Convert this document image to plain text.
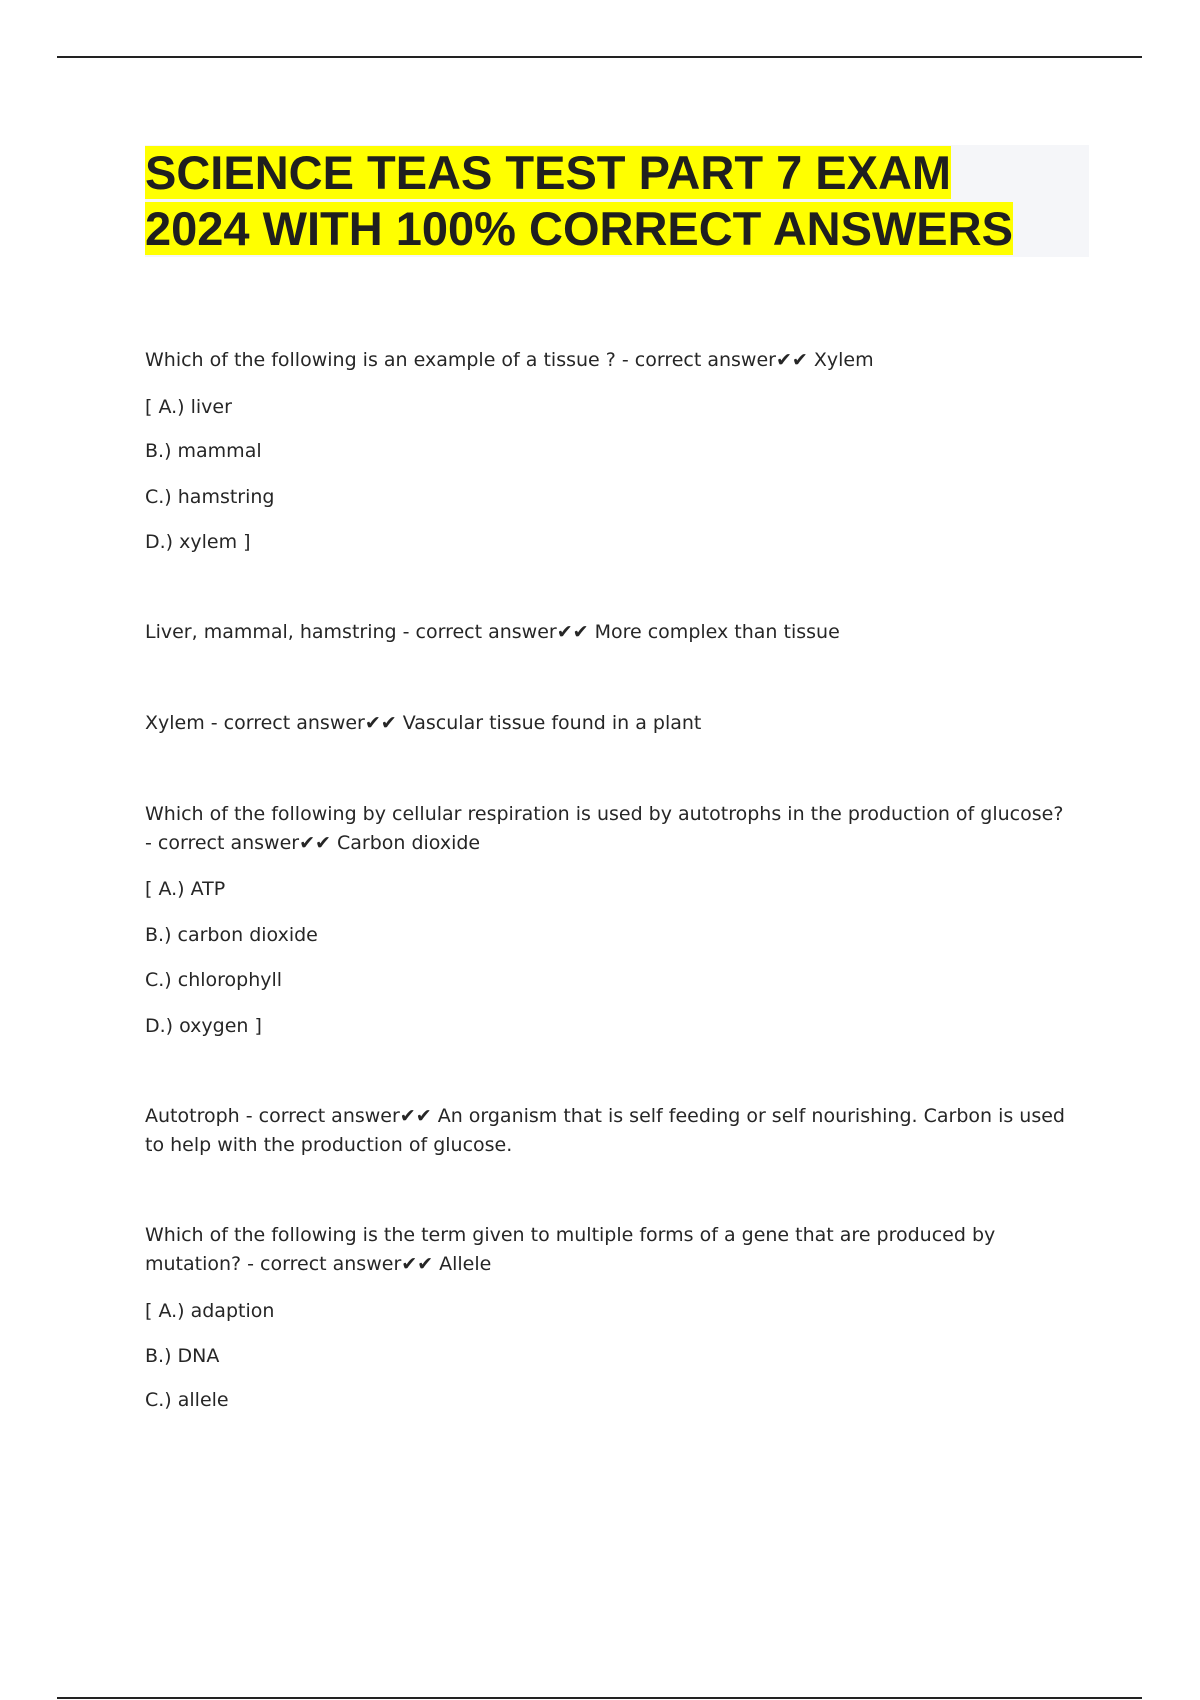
SCIENCE TEAS TEST PART 7 EXAM
2024 WITH 100% CORRECT ANSWERS

Which of the following is an example of a tissue ? - correct answer✔✔ Xylem

[ A.) liver

B.) mammal

C.) hamstring

D.) xylem ]

Liver, mammal, hamstring - correct answer✔✔ More complex than tissue

Xylem - correct answer✔✔ Vascular tissue found in a plant

Which of the following by cellular respiration is used by autotrophs in the production of glucose? - correct answer✔✔ Carbon dioxide

[ A.) ATP

B.) carbon dioxide

C.) chlorophyll

D.) oxygen ]

Autotroph - correct answer✔✔ An organism that is self feeding or self nourishing. Carbon is used to help with the production of glucose.

Which of the following is the term given to multiple forms of a gene that are produced by mutation? - correct answer✔✔ Allele

[ A.) adaption

B.) DNA

C.) allele
